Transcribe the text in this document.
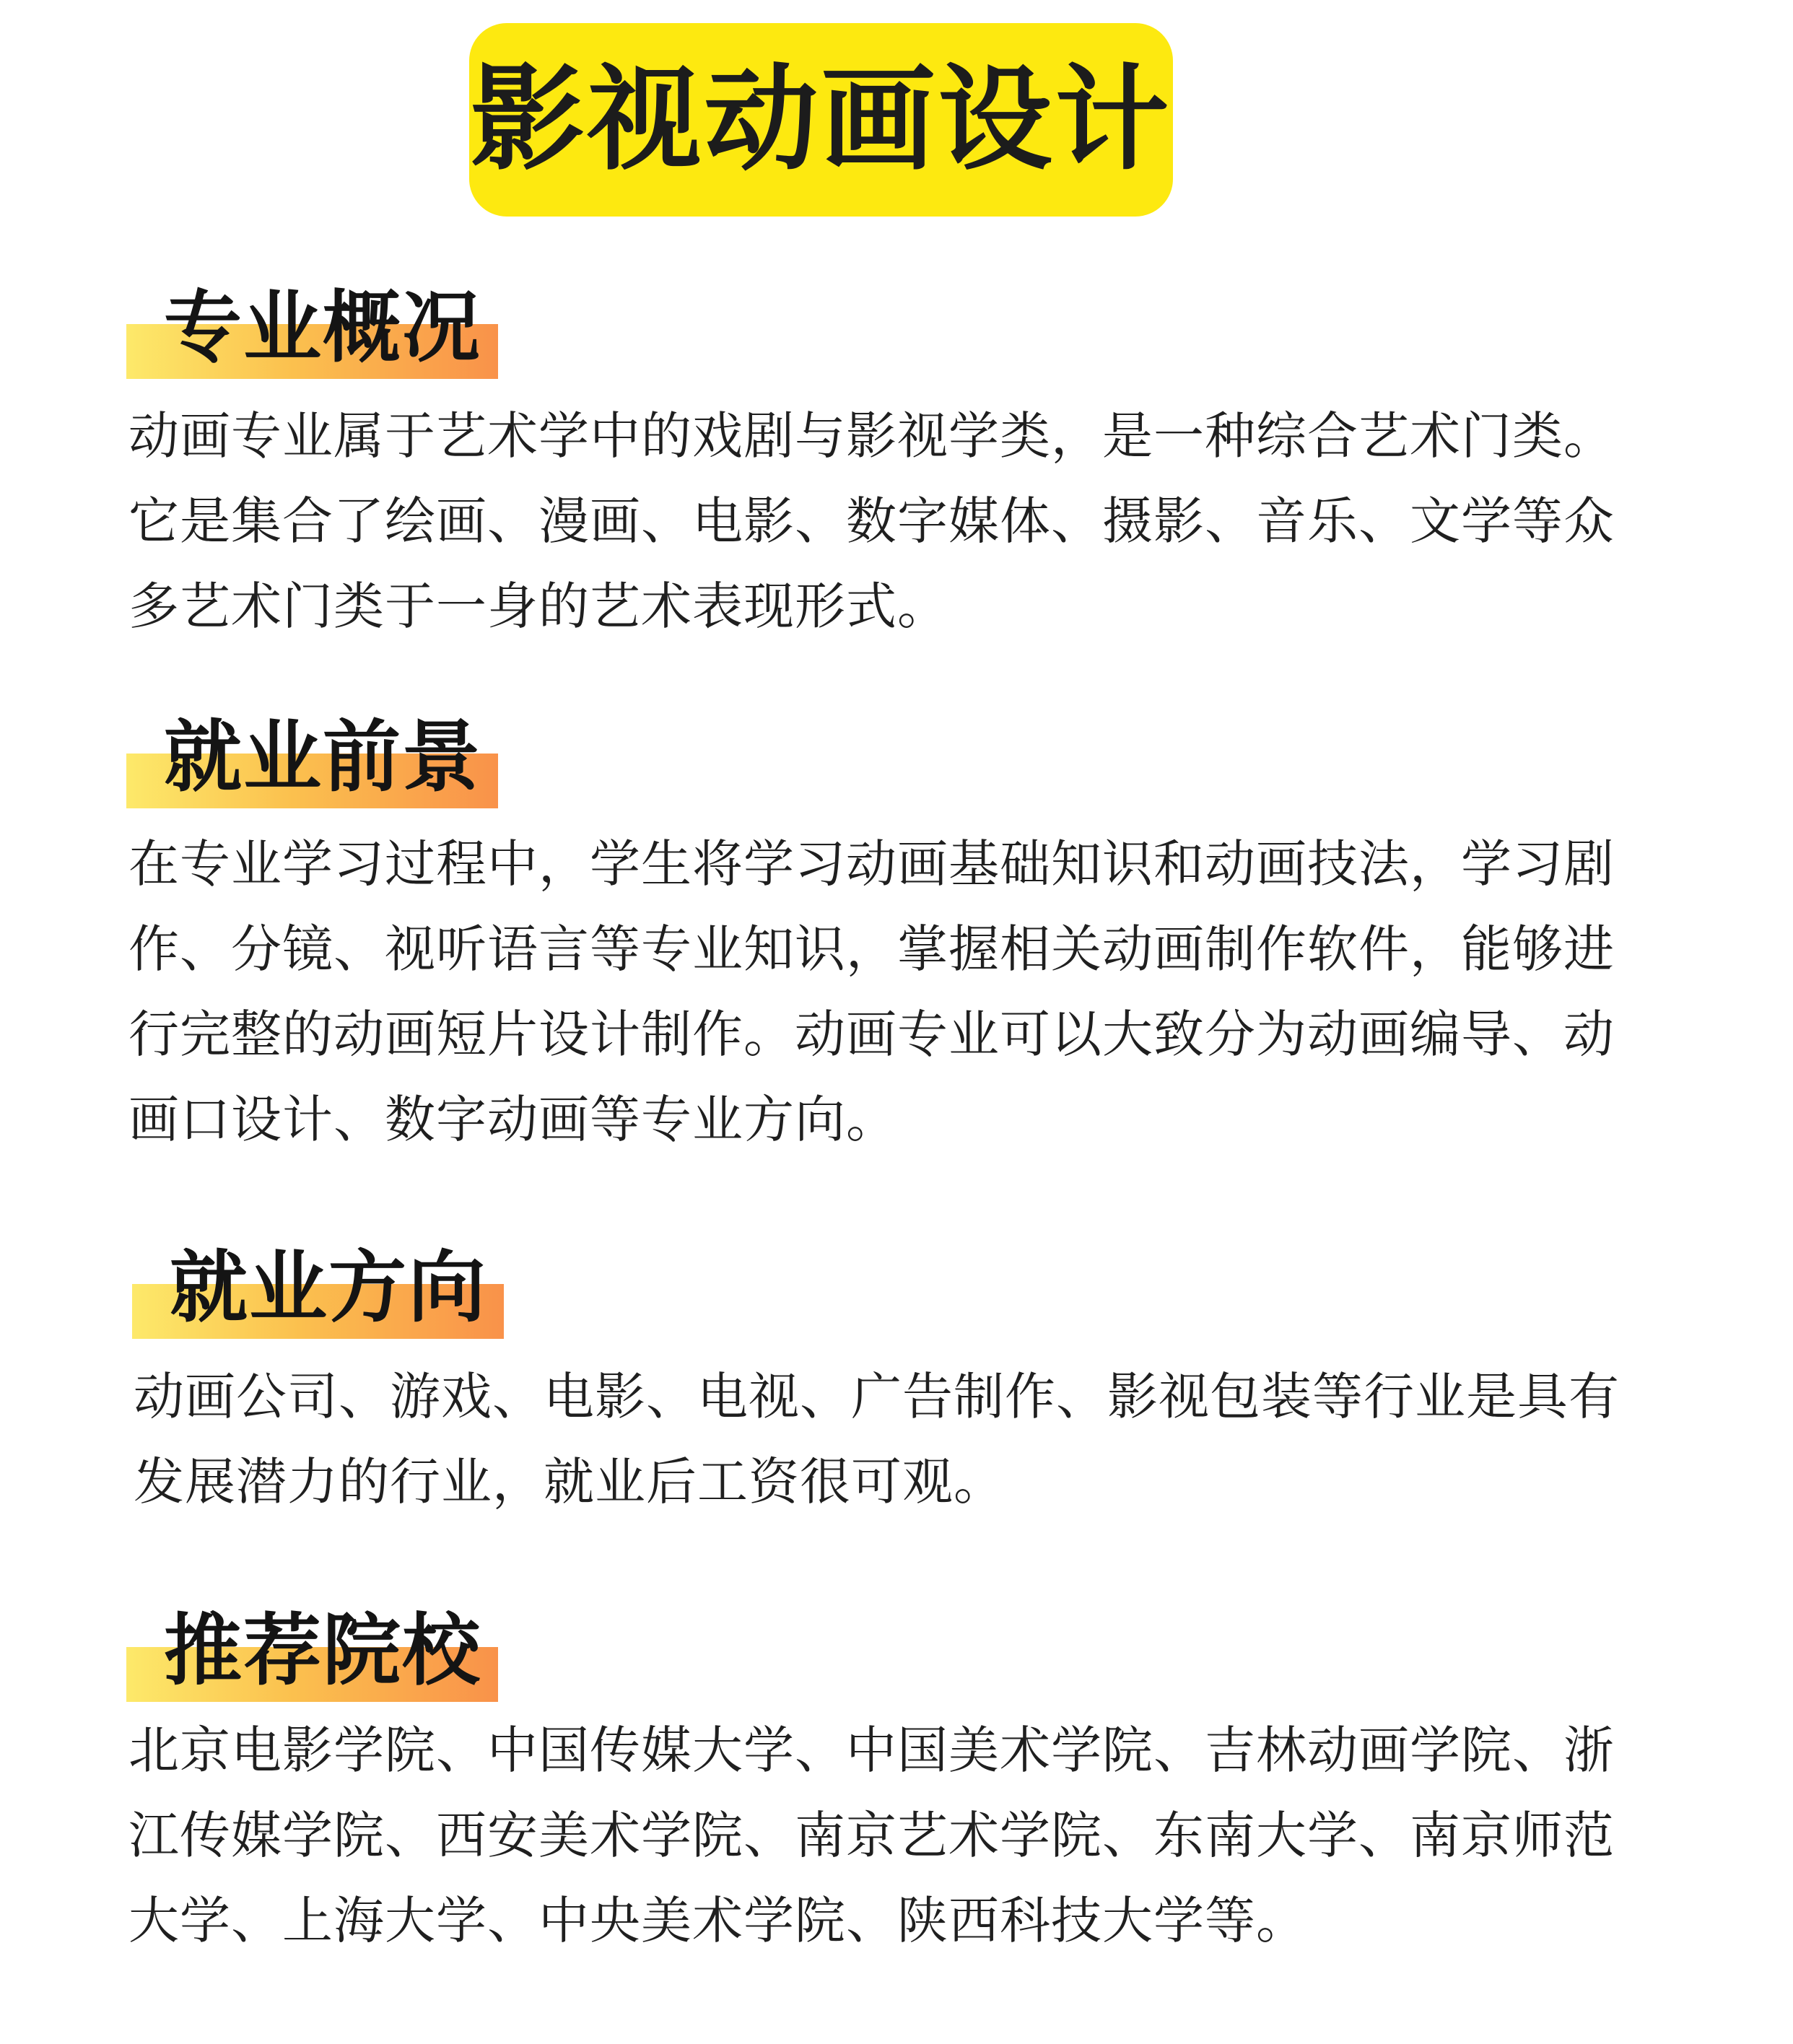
影视动画设计
专业概况

动画专业属于艺术学中的戏剧与影视学类，是一种综合艺术门类。它是集合了绘画、漫画、电影、数字媒体、摄影、音乐、文学等众多艺术门类于一身的艺术表现形式。

就业前景

在专业学习过程中，学生将学习动画基础知识和动画技法，学习剧作、分镜、视听语言等专业知识，掌握相关动画制作软件，能够进行完整的动画短片设计制作。动画专业可以大致分为动画编导、动画口设计、数字动画等专业方向。

就业方向

动画公司、游戏、电影、电视、广告制作、影视包装等行业是具有发展潜力的行业，就业后工资很可观。

推荐院校

北京电影学院、中国传媒大学、中国美术学院、吉林动画学院、浙江传媒学院、西安美术学院、南京艺术学院、东南大学、南京师范大学、上海大学、中央美术学院、陕西科技大学等。
